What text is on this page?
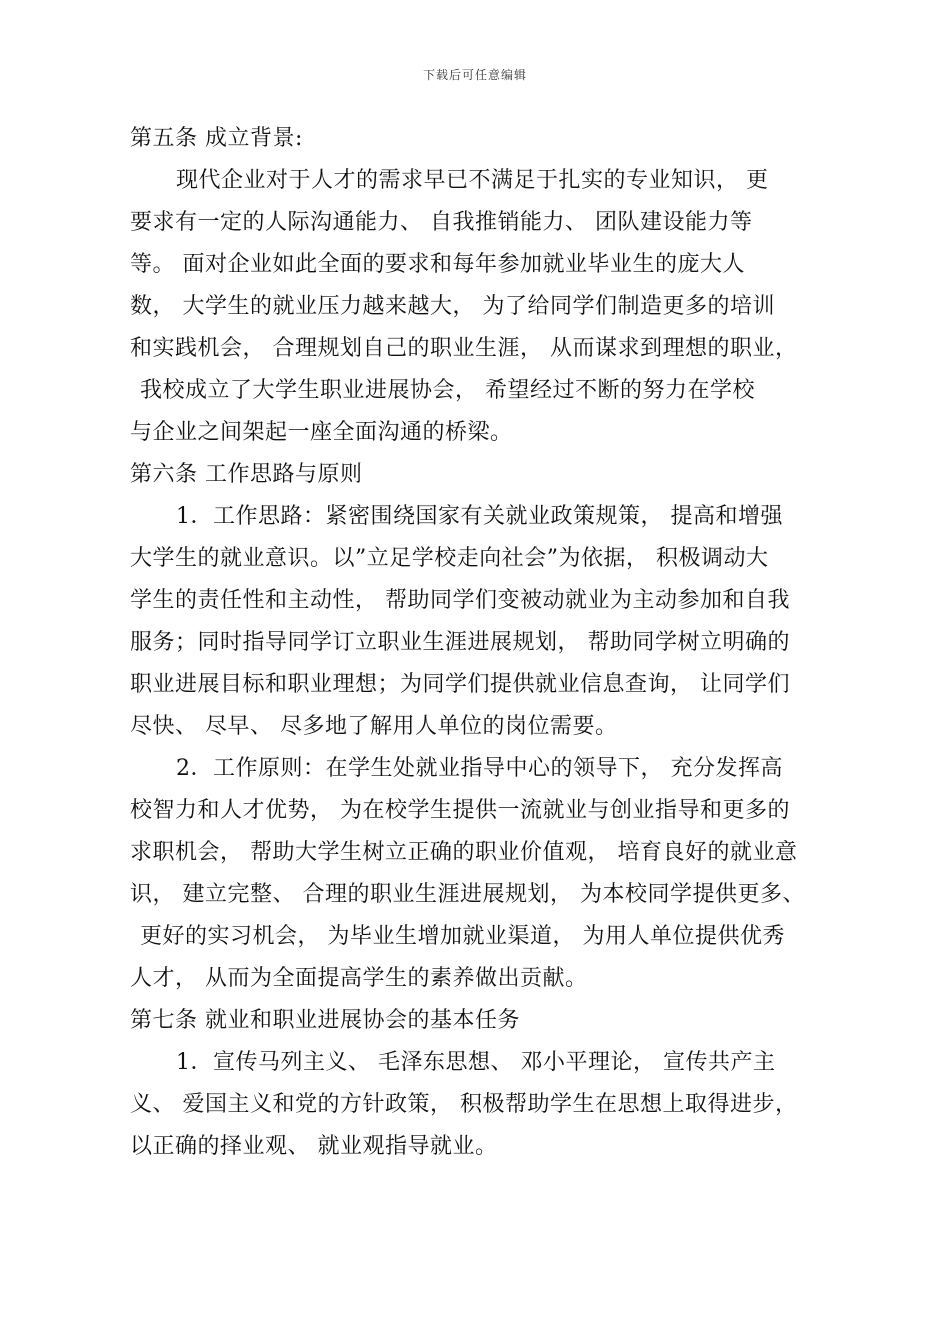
下载后可任意编辑
第五条 成立背景:
现代企业对于人才的需求早已不满足于扎实的专业知识， 更
要求有一定的人际沟通能力、 自我推销能力、 团队建设能力等
等。 面对企业如此全面的要求和每年参加就业毕业生的庞大人
数， 大学生的就业压力越来越大， 为了给同学们制造更多的培训
和实践机会， 合理规划自己的职业生涯， 从而谋求到理想的职业，
我校成立了大学生职业进展协会， 希望经过不断的努力在学校
与企业之间架起一座全面沟通的桥梁。
第六条 工作思路与原则
1．工作思路：紧密围绕国家有关就业政策规策， 提高和增强
大学生的就业意识。以”立足学校走向社会”为依据， 积极调动大
学生的责任性和主动性， 帮助同学们变被动就业为主动参加和自我
服务；同时指导同学订立职业生涯进展规划， 帮助同学树立明确的
职业进展目标和职业理想；为同学们提供就业信息查询， 让同学们
尽快、 尽早、 尽多地了解用人单位的岗位需要。
2．工作原则：在学生处就业指导中心的领导下， 充分发挥高
校智力和人才优势， 为在校学生提供一流就业与创业指导和更多的
求职机会， 帮助大学生树立正确的职业价值观， 培育良好的就业意
识， 建立完整、 合理的职业生涯进展规划， 为本校同学提供更多、
更好的实习机会， 为毕业生增加就业渠道， 为用人单位提供优秀
人才， 从而为全面提高学生的素养做出贡献。
第七条 就业和职业进展协会的基本任务
1．宣传马列主义、 毛泽东思想、 邓小平理论， 宣传共产主
义、 爱国主义和党的方针政策， 积极帮助学生在思想上取得进步，
以正确的择业观、 就业观指导就业。
